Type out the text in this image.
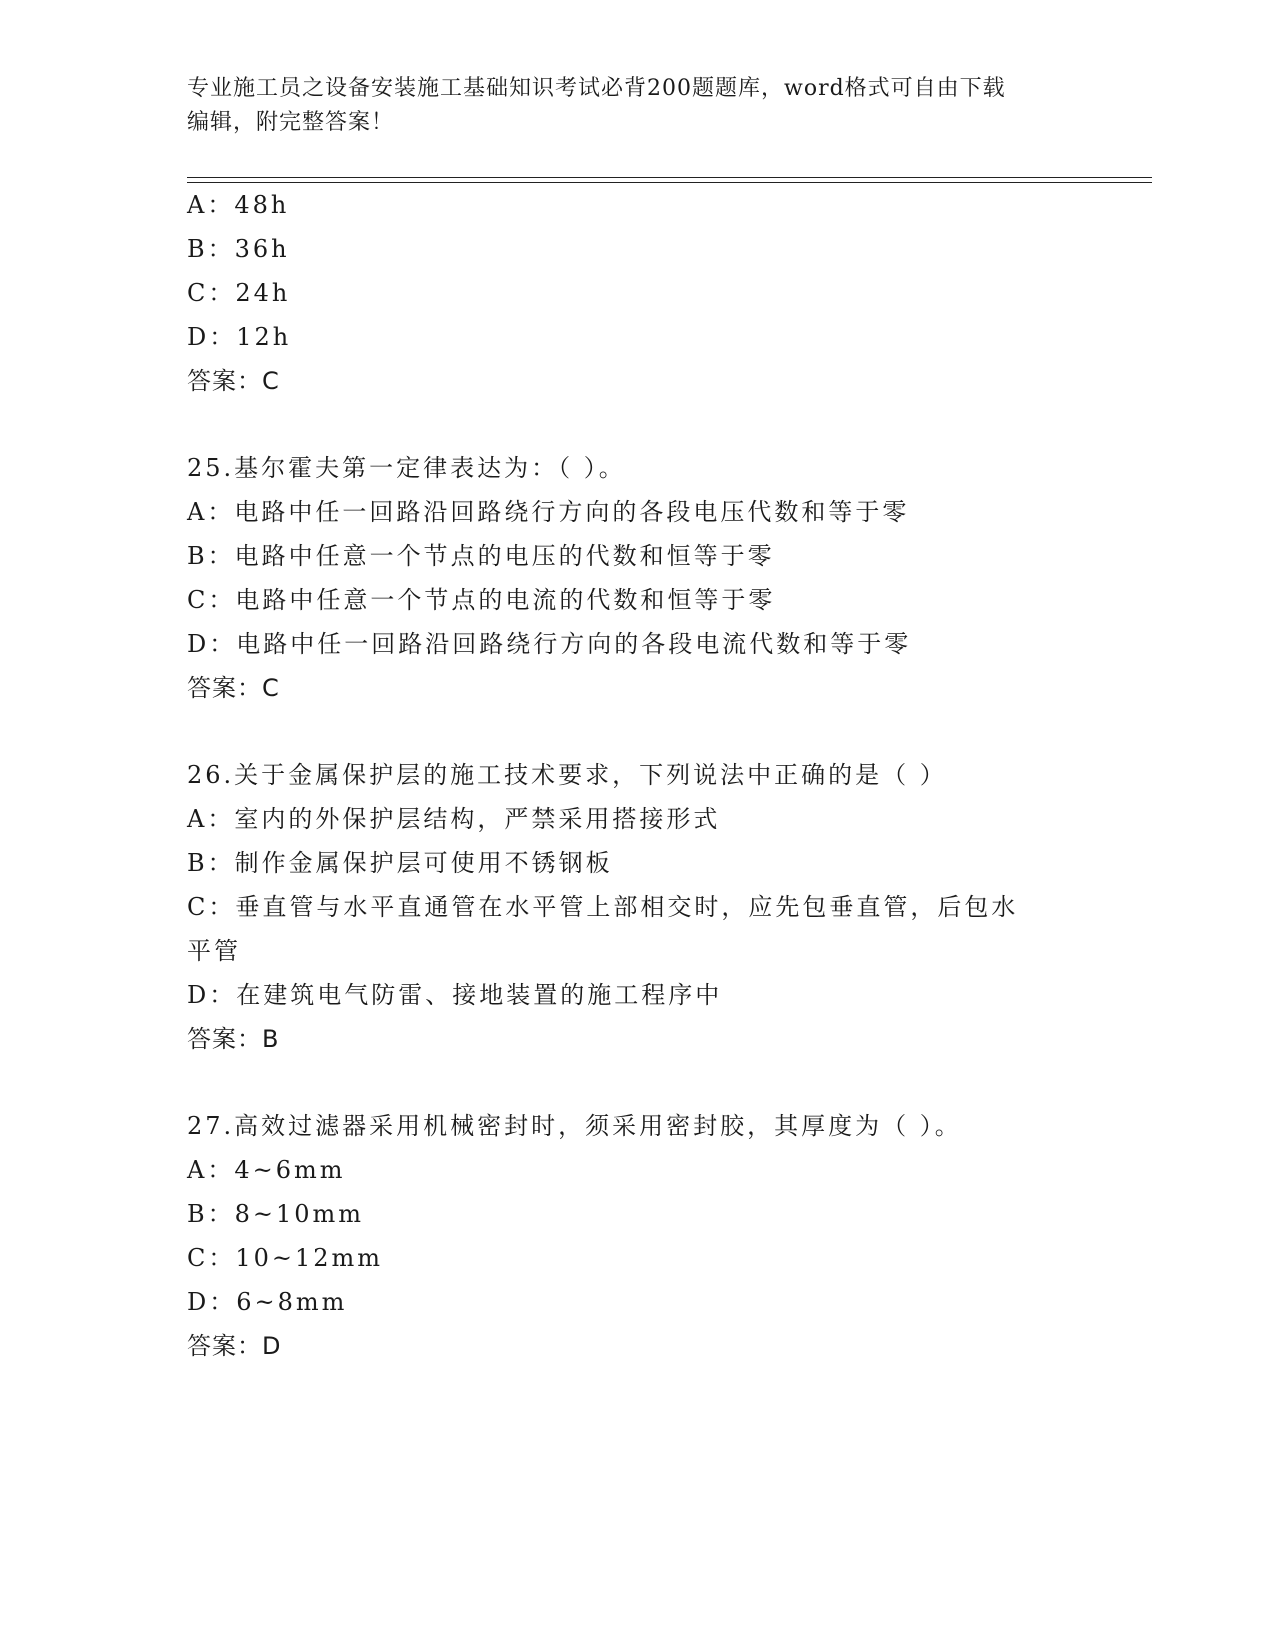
专业施工员之设备安装施工基础知识考试必背200题题库，word格式可自由下载
编辑，附完整答案！
A：48h
B：36h
C：24h
D：12h
答案：C
25.基尔霍夫第一定律表达为：（ ）。
A：电路中任一回路沿回路绕行方向的各段电压代数和等于零
B：电路中任意一个节点的电压的代数和恒等于零
C：电路中任意一个节点的电流的代数和恒等于零
D：电路中任一回路沿回路绕行方向的各段电流代数和等于零
答案：C
26.关于金属保护层的施工技术要求，下列说法中正确的是（ ）
A：室内的外保护层结构，严禁采用搭接形式
B：制作金属保护层可使用不锈钢板
C：垂直管与水平直通管在水平管上部相交时，应先包垂直管，后包水
平管
D：在建筑电气防雷、接地装置的施工程序中
答案：B
27.高效过滤器采用机械密封时，须采用密封胶，其厚度为（ ）。
A：4~6mm
B：8~10mm
C：10~12mm
D：6~8mm
答案：D
